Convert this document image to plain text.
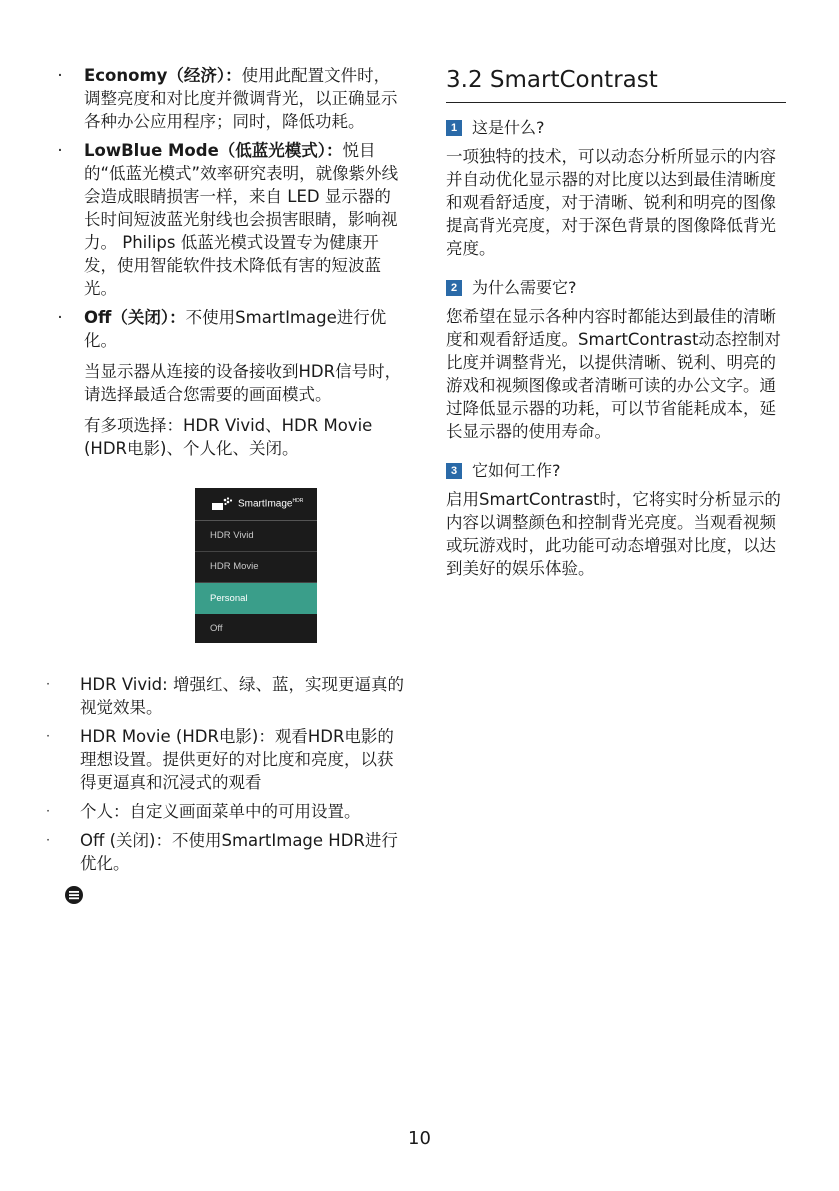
· Economy（经济）：使用此配置文件时，调整亮度和对比度并微调背光，以正确显示各种办公应用程序；同时，降低功耗。
· LowBlue Mode（低蓝光模式）：悦目的“低蓝光模式”效率研究表明，就像紫外线会造成眼睛损害一样，来自 LED 显示器的长时间短波蓝光射线也会损害眼睛，影响视力。 Philips 低蓝光模式设置专为健康开发，使用智能软件技术降低有害的短波蓝光。
· Off（关闭）：不使用SmartImage进行优化。
当显示器从连接的设备接收到HDR信号时，请选择最适合您需要的画面模式。
有多项选择：HDR Vivid、HDR Movie (HDR电影)、个人化、关闭。
SmartImage$^{HDR}$
HDR Vivid
HDR Movie
Personal
Off
· HDR Vivid: 增强红、绿、蓝，实现更逼真的视觉效果。
· HDR Movie (HDR电影)：观看HDR电影的理想设置。提供更好的对比度和亮度，以获得更逼真和沉浸式的观看
· 个人：自定义画面菜单中的可用设置。
· Off (关闭)：不使用SmartImage HDR进行优化。
3.2 SmartContrast
1 这是什么?
一项独特的技术，可以动态分析所显示的内容并自动优化显示器的对比度以达到最佳清晰度和观看舒适度，对于清晰、锐利和明亮的图像提高背光亮度，对于深色背景的图像降低背光亮度。
2 为什么需要它?
您希望在显示各种内容时都能达到最佳的清晰度和观看舒适度。SmartContrast动态控制对比度并调整背光，以提供清晰、锐利、明亮的游戏和视频图像或者清晰可读的办公文字。通过降低显示器的功耗，可以节省能耗成本，延长显示器的使用寿命。
3 它如何工作?
启用SmartContrast时，它将实时分析显示的内容以调整颜色和控制背光亮度。当观看视频或玩游戏时，此功能可动态增强对比度，以达到美好的娱乐体验。
10
